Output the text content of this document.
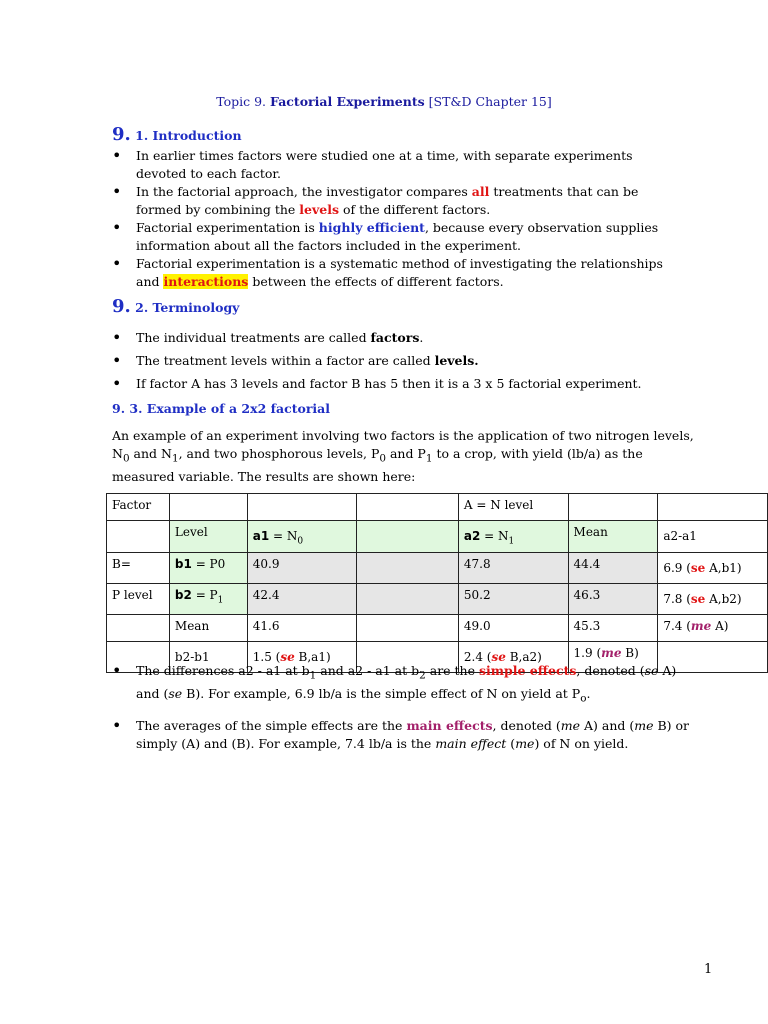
Topic 9. Factorial Experiments [ST&D Chapter 15]
9. 1. Introduction
• In earlier times factors were studied one at a time, with separate experiments devoted to each factor.
• In the factorial approach, the investigator compares all treatments that can be formed by combining the levels of the different factors.
• Factorial experimentation is highly efficient, because every observation supplies information about all the factors included in the experiment.
• Factorial experimentation is a systematic method of investigating the relationships and interactions between the effects of different factors.
9. 2. Terminology
• The individual treatments are called factors.
• The treatment levels within a factor are called levels.
• If factor A has 3 levels and factor B has 5 then it is a 3 x 5 factorial experiment.
9. 3. Example of a 2x2 factorial
An example of an experiment involving two factors is the application of two nitrogen levels, $N_0$ and $N_1$, and two phosphorous levels, $P_0$ and $P_1$ to a crop, with yield (lb/a) as the measured variable. The results are shown here:
Factor				A = N level		
	Level	$a1 = N_0$		$a2 = N_1$	Mean	a2-a1
B=	b1 = P0	40.9		47.8	44.4	6.9 (se A,b1)
P level	$b2 = P_1$	42.4		50.2	46.3	7.8 (se A,b2)
	Mean	41.6		49.0	45.3	7.4 (me A)
	b2-b1	1.5 (se B,a1)		2.4 (se B,a2)	1.9 (me B)	
• The differences a2 - a1 at $b_1$ and a2 - a1 at $b_2$ are the simple effects, denoted (se A) and (se B). For example, 6.9 lb/a is the simple effect of N on yield at $P_o$.
• The averages of the simple effects are the main effects, denoted (me A) and (me B) or simply (A) and (B). For example, 7.4 lb/a is the main effect (me) of N on yield.
1
